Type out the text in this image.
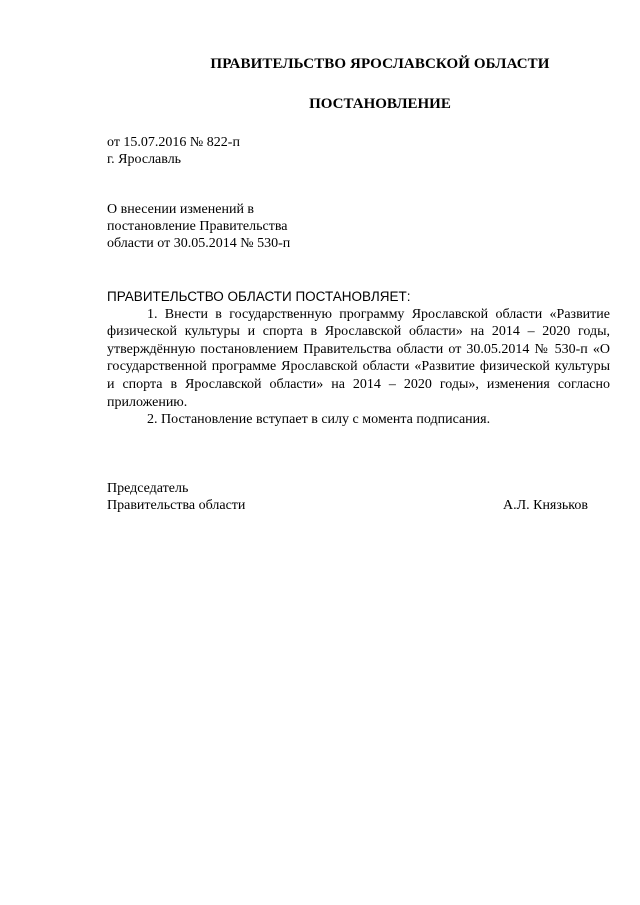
ПРАВИТЕЛЬСТВО ЯРОСЛАВСКОЙ ОБЛАСТИ
ПОСТАНОВЛЕНИЕ
от 15.07.2016 № 822-п
г. Ярославль
О внесении изменений в
постановление Правительства
области от 30.05.2014 № 530-п
ПРАВИТЕЛЬСТВО ОБЛАСТИ ПОСТАНОВЛЯЕТ:

1. Внести в государственную программу Ярославской области «Развитие физической культуры и спорта в Ярославской области» на 2014 – 2020 годы, утверждённую постановлением Правительства области от 30.05.2014 № 530-п «О государственной программе Ярославской области «Развитие физической культуры и спорта в Ярославской области» на 2014 – 2020 годы», изменения согласно приложению.

2. Постановление вступает в силу с момента подписания.

Председатель
Правительства области	А.Л. Князьков
